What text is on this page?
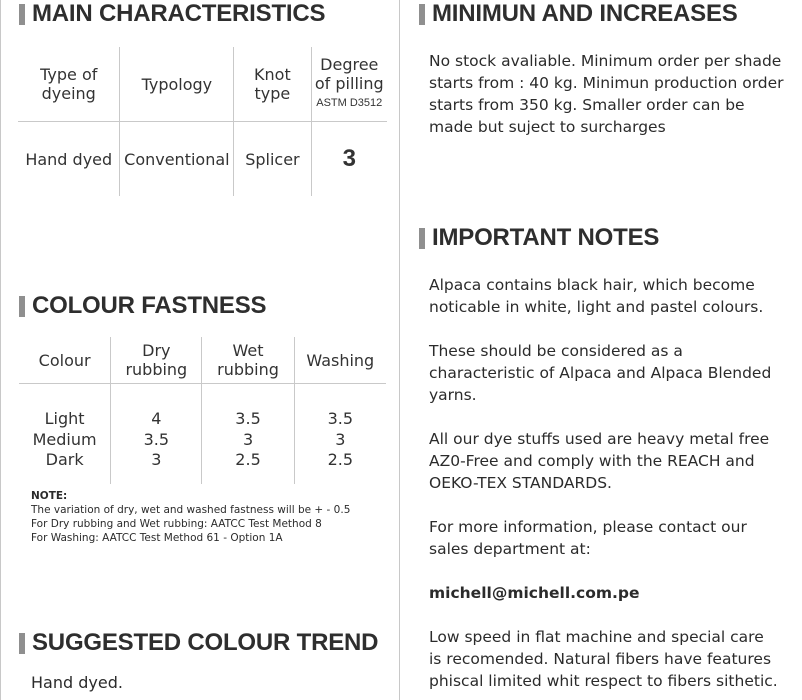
MAIN CHARACTERISTICS
Type of dyeing	Typology	Knot type	Degree of pilling
ASTM D3512

Hand dyed	Conventional	Splicer	3
COLOUR FASTNESS
Colour	Dry rubbing	Wet rubbing	Washing
Light	4	3.5	3.5
Medium	3.5	3	3
Dark	3	2.5	2.5

NOTE:
The variation of dry, wet and washed fastness will be + - 0.5
For Dry rubbing and Wet rubbing: AATCC Test Method 8
For Washing: AATCC Test Method 61 - Option 1A
SUGGESTED COLOUR TREND
Hand dyed.
MINIMUN AND INCREASES
No stock avaliable. Minimum order per shade
starts from : 40 kg. Minimun production order
starts from 350 kg. Smaller order can be
made but suject to surcharges
IMPORTANT NOTES
Alpaca contains black hair, which become
noticable in white, light and pastel colours.
These should be considered as a
characteristic of Alpaca and Alpaca Blended
yarns.
All our dye stuffs used are heavy metal free
AZ0-Free and comply with the REACH and
OEKO-TEX STANDARDS.
For more information, please contact our
sales department at:
michell@michell.com.pe
Low speed in flat machine and special care
is recomended. Natural fibers have features
phiscal limited whit respect to fibers sithetic.
